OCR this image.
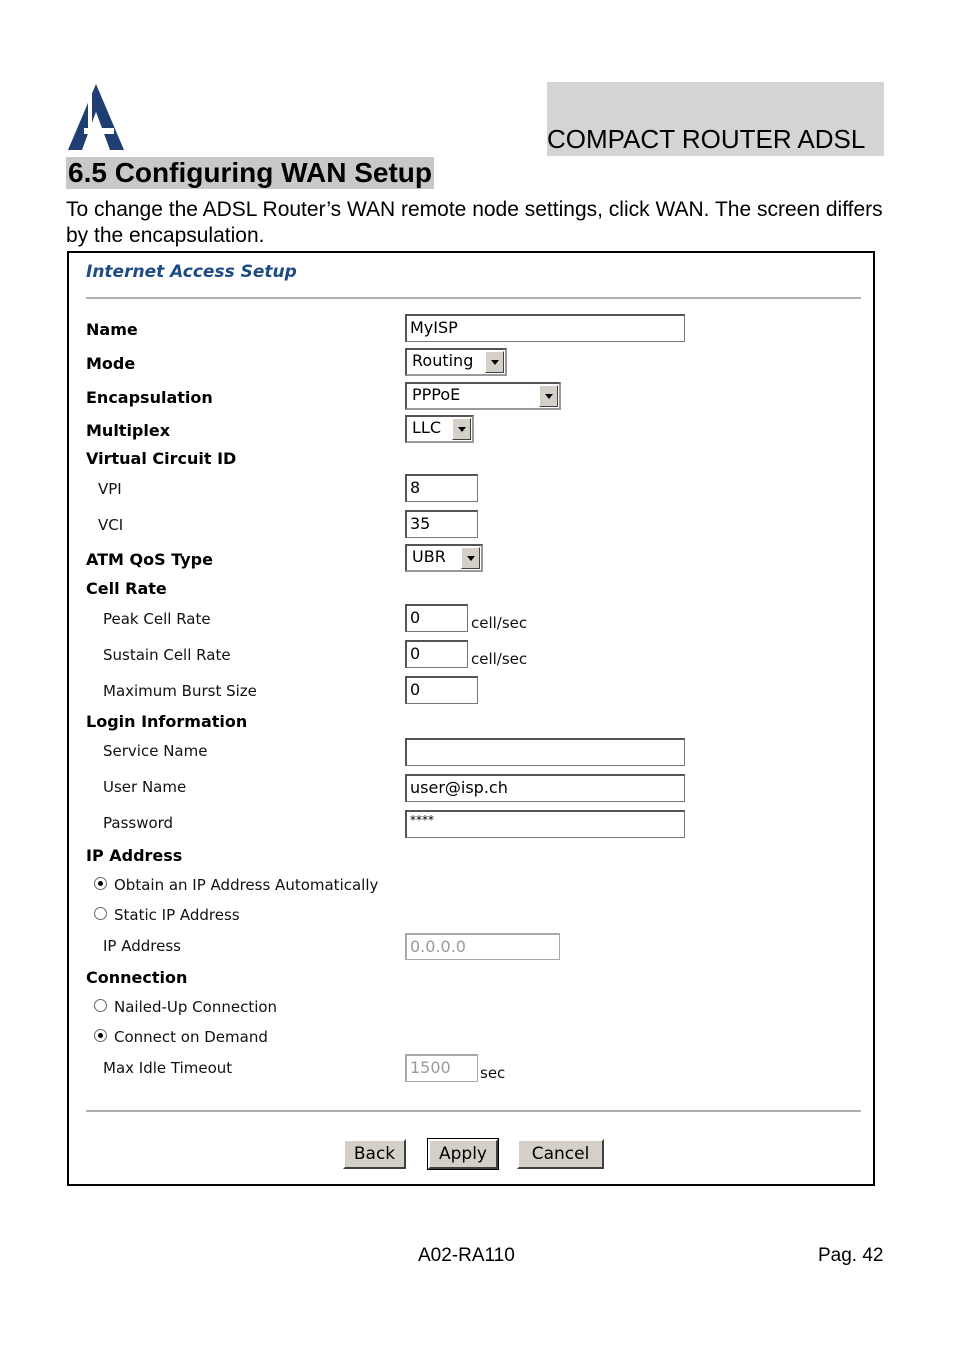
COMPACT ROUTER ADSL
6.5 Configuring WAN Setup
To change the ADSL Router’s WAN remote node settings, click WAN. The screen differs by the encapsulation.
Internet Access Setup
Name	MyISP
Mode	Routing
Encapsulation	PPPoE
Multiplex	LLC
Virtual Circuit ID
VPI	8
VCI	35
ATM QoS Type	UBR
Cell Rate
Peak Cell Rate	0	cell/sec
Sustain Cell Rate	0	cell/sec
Maximum Burst Size	0
Login Information
Service Name
User Name	user@isp.ch
Password	****
IP Address
Obtain an IP Address Automatically
Static IP Address
IP Address	0.0.0.0
Connection
Nailed-Up Connection
Connect on Demand
Max Idle Timeout	1500	sec
Back	Apply	Cancel
A02-RA110	Pag. 42
